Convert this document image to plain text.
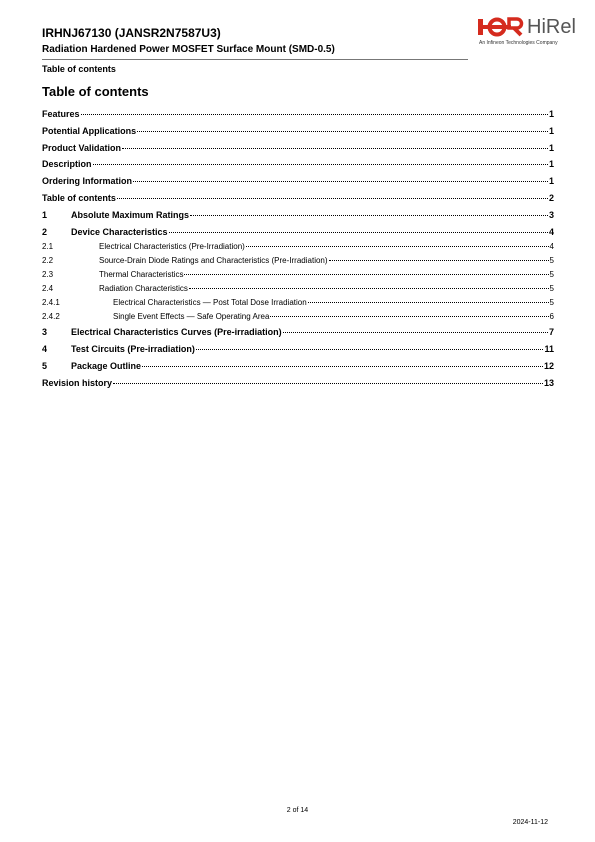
IRHNJ67130 (JANSR2N7587U3)
Radiation Hardened Power MOSFET Surface Mount (SMD-0.5)
Table of contents
HiRel
An Infineon Technologies Company
Table of contents
Features	1
Potential Applications	1
Product Validation	1
Description	1
Ordering Information	1
Table of contents	2
1	Absolute Maximum Ratings	3
2	Device Characteristics	4
2.1	Electrical Characteristics (Pre-Irradiation)	4
2.2	Source-Drain Diode Ratings and Characteristics (Pre-Irradiation)	5
2.3	Thermal Characteristics	5
2.4	Radiation Characteristics	5
2.4.1	Electrical Characteristics — Post Total Dose Irradiation	5
2.4.2	Single Event Effects — Safe Operating Area	6
3	Electrical Characteristics Curves (Pre-irradiation)	7
4	Test Circuits (Pre-irradiation)	11
5	Package Outline	12
Revision history	13
2 of 14
2024-11-12
